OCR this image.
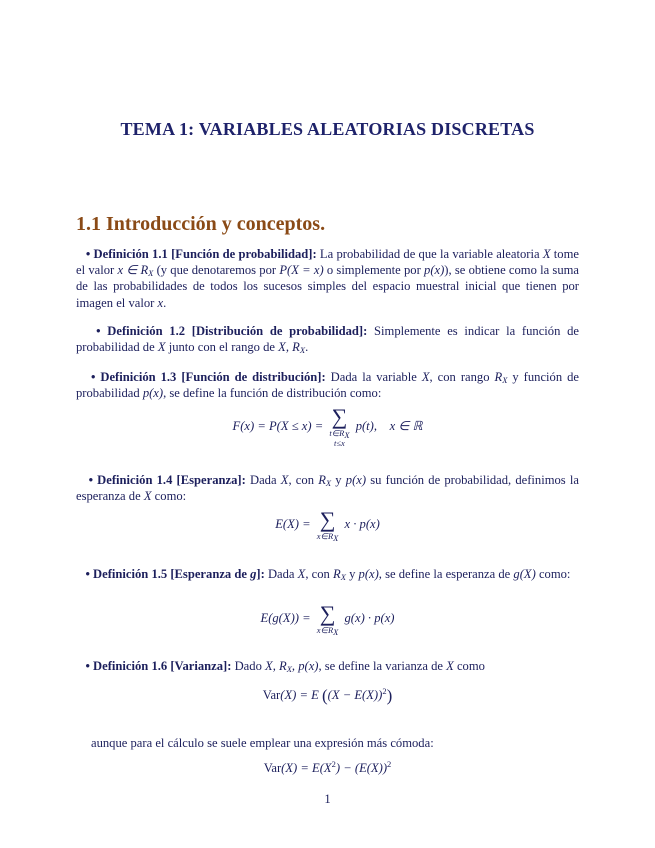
TEMA 1: VARIABLES ALEATORIAS DISCRETAS
1.1 Introducción y conceptos.
• Definición 1.1 [Función de probabilidad]: La probabilidad de que la variable aleatoria X tome el valor x ∈ $R_X$ (y que denotaremos por P(X = x) o simplemente por p(x)), se obtiene como la suma de las probabilidades de todos los sucesos simples del espacio muestral inicial que tienen por imagen el valor x.
• Definición 1.2 [Distribución de probabilidad]: Simplemente es indicar la función de probabilidad de X junto con el rango de X, $R_X$.
• Definición 1.3 [Función de distribución]: Dada la variable X, con rango $R_X$ y función de probabilidad p(x), se define la función de distribución como:
F(x) = P(X ≤ x) = ∑
$t\in R_X$
t≤x
p(t), x ∈ ℝ
• Definición 1.4 [Esperanza]: Dada X, con $R_X$ y p(x) su función de probabilidad, definimos la esperanza de X como:
E(X) = ∑
$x\in R_X$
x · p(x)
• Definición 1.5 [Esperanza de g]: Dada X, con $R_X$ y p(x), se define la esperanza de g(X) como:
E(g(X)) = ∑
$x\in R_X$
g(x) · p(x)
• Definición 1.6 [Varianza]: Dado X, $R_X$, p(x), se define la varianza de X como
Var(X) = E $((X - E(X))^2)$
aunque para el cálculo se suele emplear una expresión más cómoda:
$Var(X) = E(X^2) - (E(X))^2$
1
